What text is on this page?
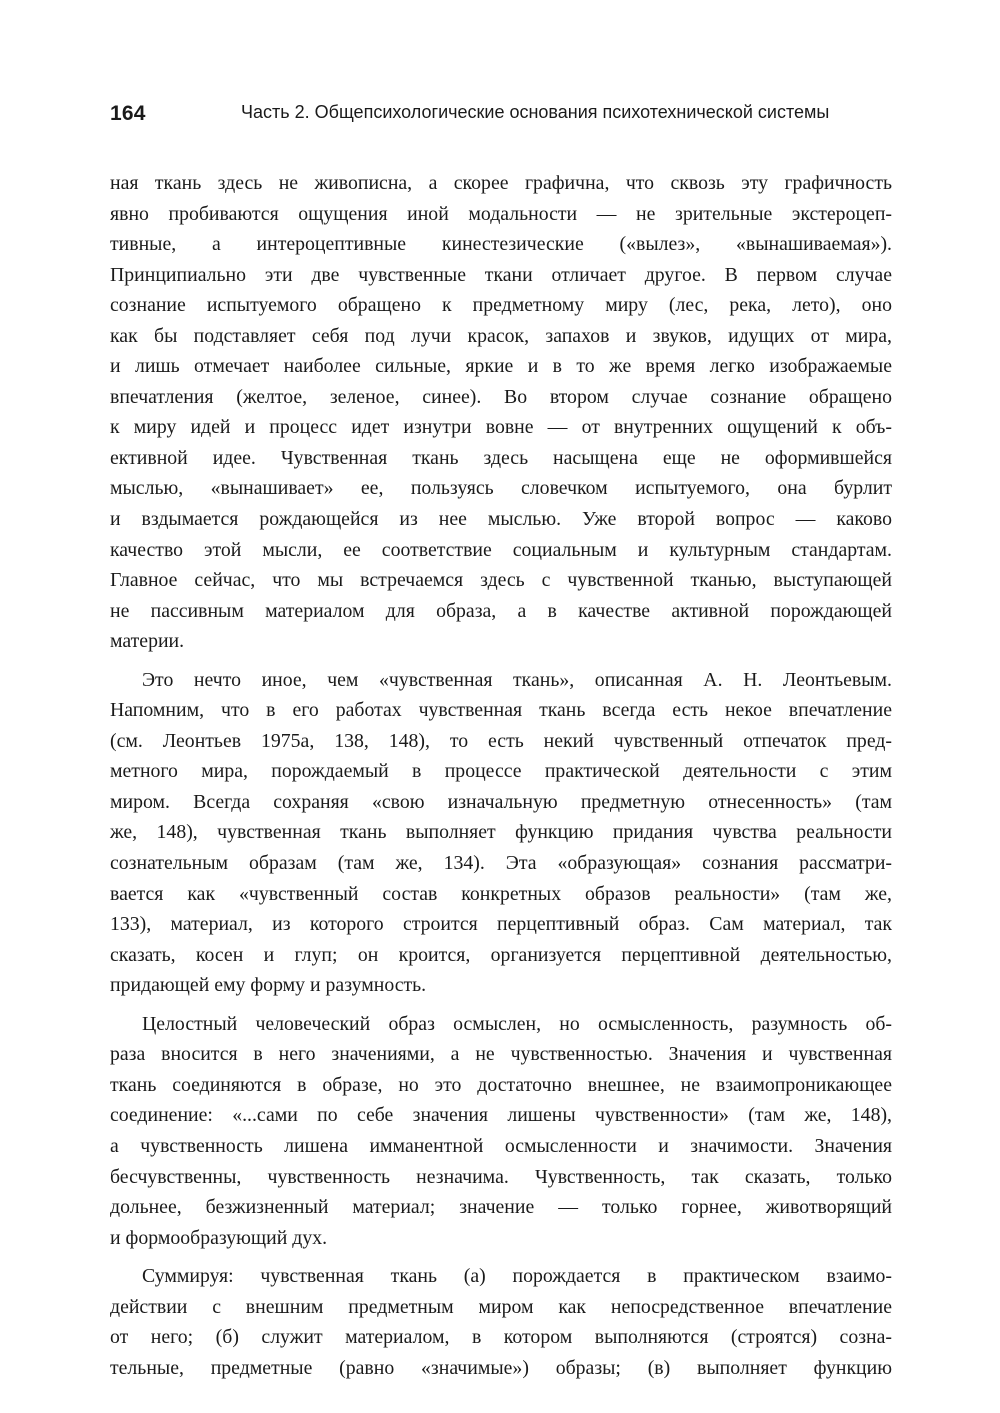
164	Часть 2. Общепсихологические основания психотехнической системы
ная ткань здесь не живописна, а скорее графична, что сквозь эту графичность
явно пробиваются ощущения иной модальности — не зрительные экстероцеп-
тивные, а интероцептивные кинестезические («вылез», «вынашиваемая»).
Принципиально эти две чувственные ткани отличает другое. В первом случае
сознание испытуемого обращено к предметному миру (лес, река, лето), оно
как бы подставляет себя под лучи красок, запахов и звуков, идущих от мира,
и лишь отмечает наиболее сильные, яркие и в то же время легко изображаемые
впечатления (желтое, зеленое, синее). Во втором случае сознание обращено
к миру идей и процесс идет изнутри вовне — от внутренних ощущений к объ-
ективной идее. Чувственная ткань здесь насыщена еще не оформившейся
мыслью, «вынашивает» ее, пользуясь словечком испытуемого, она бурлит
и вздымается рождающейся из нее мыслью. Уже второй вопрос — каково
качество этой мысли, ее соответствие социальным и культурным стандартам.
Главное сейчас, что мы встречаемся здесь с чувственной тканью, выступающей
не пассивным материалом для образа, а в качестве активной порождающей
материи.
Это нечто иное, чем «чувственная ткань», описанная А. Н. Леонтьевым.
Напомним, что в его работах чувственная ткань всегда есть некое впечатление
(см. Леонтьев 1975а, 138, 148), то есть некий чувственный отпечаток пред-
метного мира, порождаемый в процессе практической деятельности с этим
миром. Всегда сохраняя «свою изначальную предметную отнесенность» (там
же, 148), чувственная ткань выполняет функцию придания чувства реальности
сознательным образам (там же, 134). Эта «образующая» сознания рассматри-
вается как «чувственный состав конкретных образов реальности» (там же,
133), материал, из которого строится перцептивный образ. Сам материал, так
сказать, косен и глуп; он кроится, организуется перцептивной деятельностью,
придающей ему форму и разумность.
Целостный человеческий образ осмыслен, но осмысленность, разумность об-
раза вносится в него значениями, а не чувственностью. Значения и чувственная
ткань соединяются в образе, но это достаточно внешнее, не взаимопроникающее
соединение: «...сами по себе значения лишены чувственности» (там же, 148),
а чувственность лишена имманентной осмысленности и значимости. Значения
бесчувственны, чувственность незначима. Чувственность, так сказать, только
дольнее, безжизненный материал; значение — только горнее, животворящий
и формообразующий дух.
Суммируя: чувственная ткань (а) порождается в практическом взаимо-
действии с внешним предметным миром как непосредственное впечатление
от него; (б) служит материалом, в котором выполняются (строятся) созна-
тельные, предметные (равно «значимые») образы; (в) выполняет функцию
